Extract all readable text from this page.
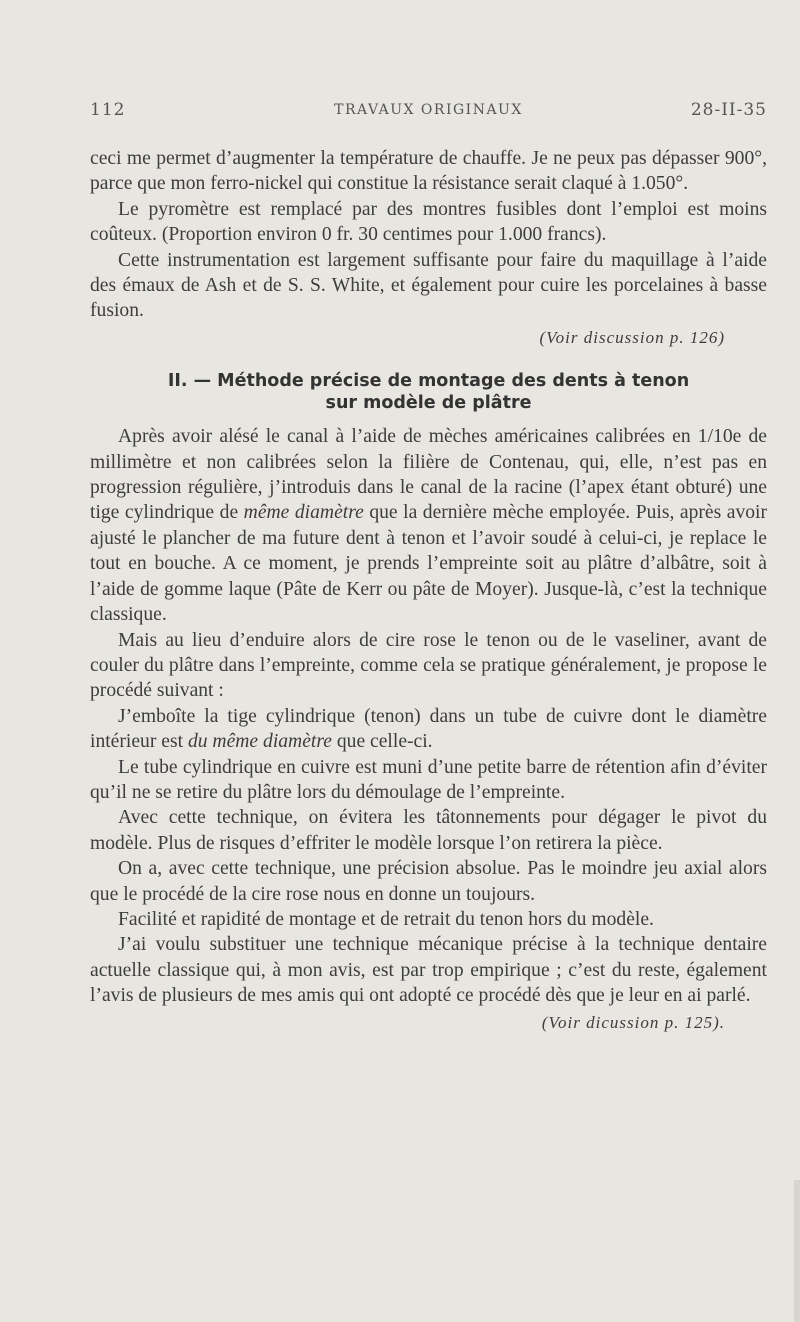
112	TRAVAUX ORIGINAUX	28-II-35

ceci me permet d’augmenter la température de chauffe. Je ne peux pas dépasser 900°, parce que mon ferro-nickel qui constitue la résistance serait claqué à 1.050°.

Le pyromètre est remplacé par des montres fusibles dont l’emploi est moins coûteux. (Proportion environ 0 fr. 30 centimes pour 1.000 francs).

Cette instrumentation est largement suffisante pour faire du maquillage à l’aide des émaux de Ash et de S. S. White, et également pour cuire les porcelaines à basse fusion.

(Voir discussion p. 126)

II. — Méthode précise de montage des dents à tenon
sur modèle de plâtre

Après avoir alésé le canal à l’aide de mèches américaines calibrées en 1/10e de millimètre et non calibrées selon la filière de Contenau, qui, elle, n’est pas en progression régulière, j’introduis dans le canal de la racine (l’apex étant obturé) une tige cylindrique de même diamètre que la dernière mèche employée. Puis, après avoir ajusté le plancher de ma future dent à tenon et l’avoir soudé à celui-ci, je replace le tout en bouche. A ce moment, je prends l’empreinte soit au plâtre d’albâtre, soit à l’aide de gomme laque (Pâte de Kerr ou pâte de Moyer). Jusque-là, c’est la technique classique.

Mais au lieu d’enduire alors de cire rose le tenon ou de le vaseliner, avant de couler du plâtre dans l’empreinte, comme cela se pratique généralement, je propose le procédé suivant :

J’emboîte la tige cylindrique (tenon) dans un tube de cuivre dont le diamètre intérieur est du même diamètre que celle-ci.

Le tube cylindrique en cuivre est muni d’une petite barre de rétention afin d’éviter qu’il ne se retire du plâtre lors du démoulage de l’empreinte.

Avec cette technique, on évitera les tâtonnements pour dégager le pivot du modèle. Plus de risques d’effriter le modèle lorsque l’on retirera la pièce.

On a, avec cette technique, une précision absolue. Pas le moindre jeu axial alors que le procédé de la cire rose nous en donne un toujours.

Facilité et rapidité de montage et de retrait du tenon hors du modèle.

J’ai voulu substituer une technique mécanique précise à la technique dentaire actuelle classique qui, à mon avis, est par trop empirique ; c’est du reste, également l’avis de plusieurs de mes amis qui ont adopté ce procédé dès que je leur en ai parlé.

(Voir dicussion p. 125).
